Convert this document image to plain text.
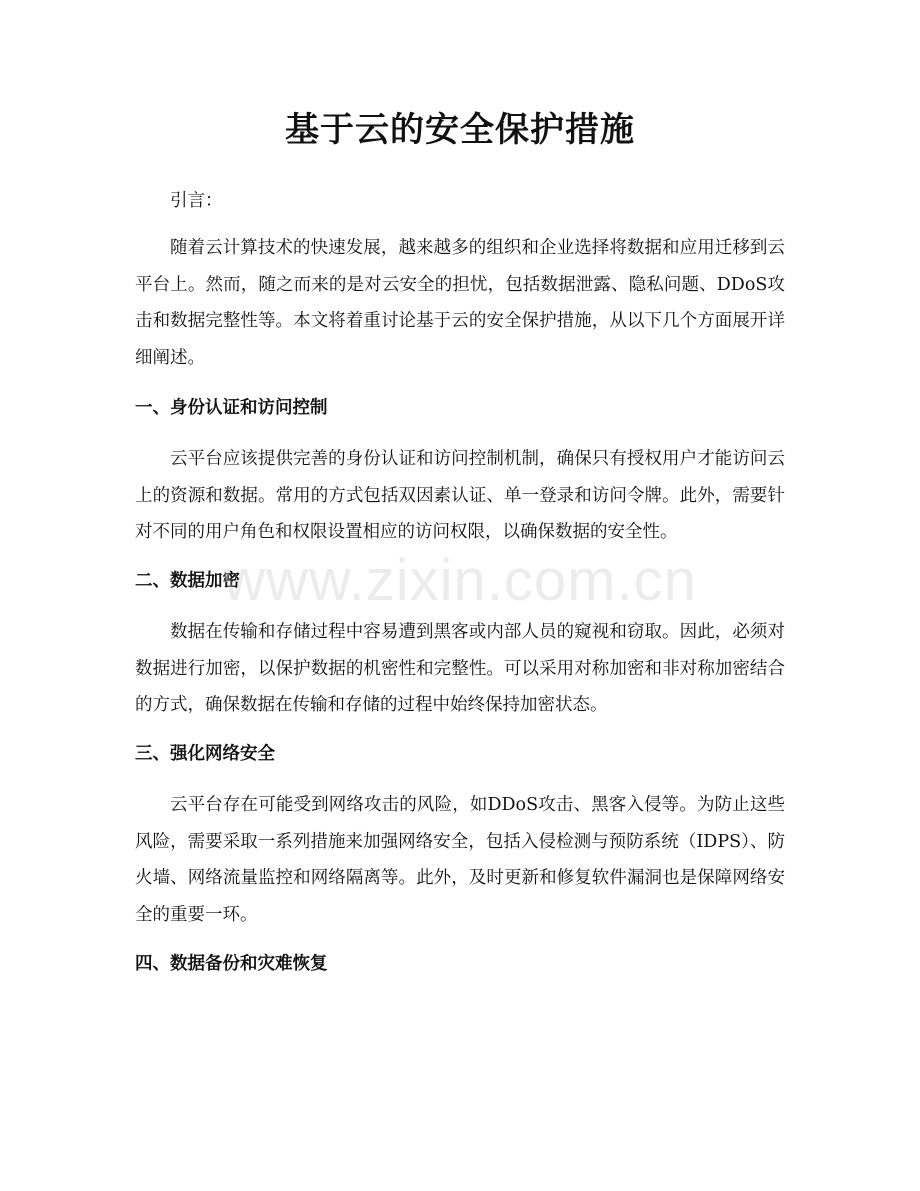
基于云的安全保护措施

引言：

随着云计算技术的快速发展，越来越多的组织和企业选择将数据和应用迁移到云平台上。然而，随之而来的是对云安全的担忧，包括数据泄露、隐私问题、DDoS攻击和数据完整性等。本文将着重讨论基于云的安全保护措施，从以下几个方面展开详细阐述。

一、身份认证和访问控制

云平台应该提供完善的身份认证和访问控制机制，确保只有授权用户才能访问云上的资源和数据。常用的方式包括双因素认证、单一登录和访问令牌。此外，需要针对不同的用户角色和权限设置相应的访问权限，以确保数据的安全性。

二、数据加密

数据在传输和存储过程中容易遭到黑客或内部人员的窥视和窃取。因此，必须对数据进行加密，以保护数据的机密性和完整性。可以采用对称加密和非对称加密结合的方式，确保数据在传输和存储的过程中始终保持加密状态。

三、强化网络安全

云平台存在可能受到网络攻击的风险，如DDoS攻击、黑客入侵等。为防止这些风险，需要采取一系列措施来加强网络安全，包括入侵检测与预防系统（IDPS）、防火墙、网络流量监控和网络隔离等。此外，及时更新和修复软件漏洞也是保障网络安全的重要一环。

四、数据备份和灾难恢复
www.zixin.com.cn
